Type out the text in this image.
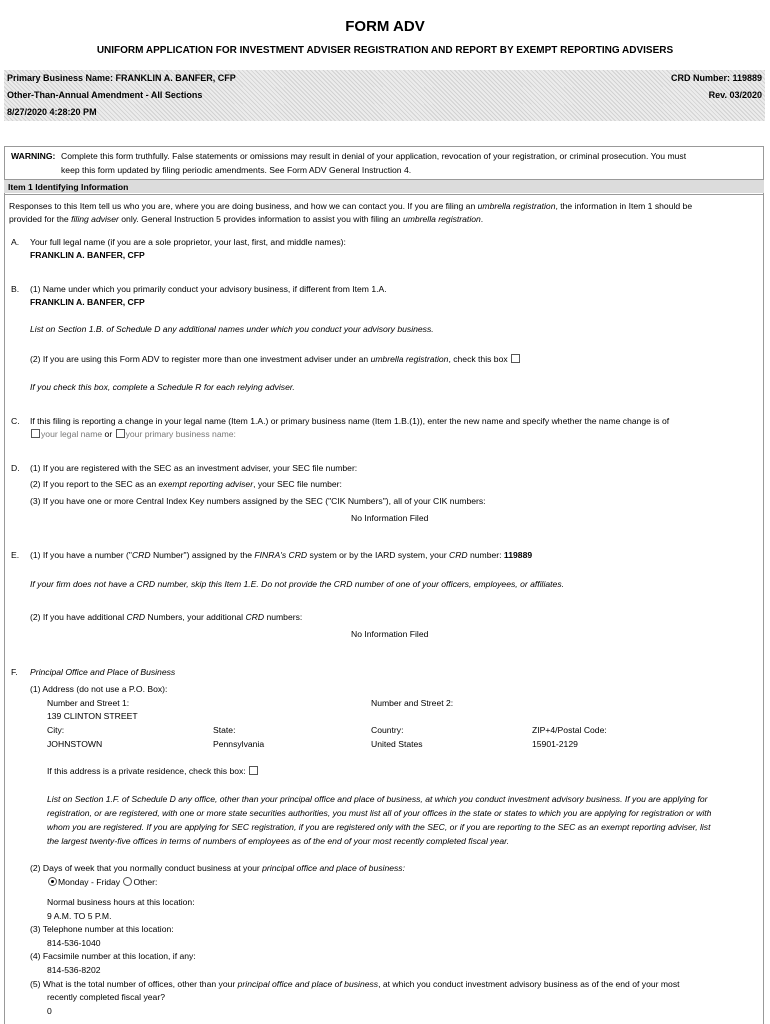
FORM ADV
UNIFORM APPLICATION FOR INVESTMENT ADVISER REGISTRATION AND REPORT BY EXEMPT REPORTING ADVISERS
Primary Business Name: FRANKLIN A. BANFER, CFP	CRD Number: 119889
Other-Than-Annual Amendment - All Sections	Rev. 03/2020
8/27/2020 4:28:20 PM
WARNING: Complete this form truthfully. False statements or omissions may result in denial of your application, revocation of your registration, or criminal prosecution. You must
keep this form updated by filing periodic amendments. See Form ADV General Instruction 4.
Item 1 Identifying Information
Responses to this Item tell us who you are, where you are doing business, and how we can contact you. If you are filing an umbrella registration, the information in Item 1 should be
provided for the filing adviser only. General Instruction 5 provides information to assist you with filing an umbrella registration.
A. Your full legal name (if you are a sole proprietor, your last, first, and middle names):
FRANKLIN A. BANFER, CFP
B. (1) Name under which you primarily conduct your advisory business, if different from Item 1.A.
FRANKLIN A. BANFER, CFP
List on Section 1.B. of Schedule D any additional names under which you conduct your advisory business.
(2) If you are using this Form ADV to register more than one investment adviser under an umbrella registration, check this box
If you check this box, complete a Schedule R for each relying adviser.
C. If this filing is reporting a change in your legal name (Item 1.A.) or primary business name (Item 1.B.(1)), enter the new name and specify whether the name change is of
your legal name or your primary business name:
D. (1) If you are registered with the SEC as an investment adviser, your SEC file number:
(2) If you report to the SEC as an exempt reporting adviser, your SEC file number:
(3) If you have one or more Central Index Key numbers assigned by the SEC ("CIK Numbers"), all of your CIK numbers:
No Information Filed
E. (1) If you have a number ("CRD Number") assigned by the FINRA's CRD system or by the IARD system, your CRD number: 119889
If your firm does not have a CRD number, skip this Item 1.E. Do not provide the CRD number of one of your officers, employees, or affiliates.
(2) If you have additional CRD Numbers, your additional CRD numbers:
No Information Filed
F. Principal Office and Place of Business
(1) Address (do not use a P.O. Box):
Number and Street 1:	Number and Street 2:
139 CLINTON STREET
City:	State:	Country:	ZIP+4/Postal Code:
JOHNSTOWN	Pennsylvania	United States	15901-2129
If this address is a private residence, check this box:
List on Section 1.F. of Schedule D any office, other than your principal office and place of business, at which you conduct investment advisory business. If you are applying for
registration, or are registered, with one or more state securities authorities, you must list all of your offices in the state or states to which you are applying for registration or with
whom you are registered. If you are applying for SEC registration, if you are registered only with the SEC, or if you are reporting to the SEC as an exempt reporting adviser, list
the largest twenty-five offices in terms of numbers of employees as of the end of your most recently completed fiscal year.
(2) Days of week that you normally conduct business at your principal office and place of business:
Monday - Friday Other:
Normal business hours at this location:
9 A.M. TO 5 P.M.
(3) Telephone number at this location:
814-536-1040
(4) Facsimile number at this location, if any:
814-536-8202
(5) What is the total number of offices, other than your principal office and place of business, at which you conduct investment advisory business as of the end of your most
recently completed fiscal year?
0
